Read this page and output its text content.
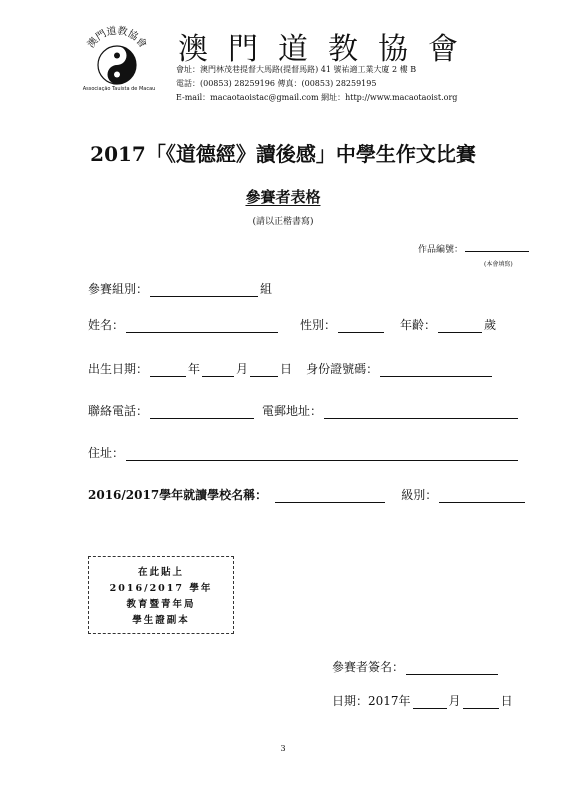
澳門道教協會
Associação Tauista de Macau
澳門道教協會
會址：澳門林茂巷提督大馬路(提督馬路) 41 號祐適工業大廈 2 樓 B
電話：(00853) 28259196 傳真：(00853) 28259195
E-mail：macaotaoistac@gmail.com 網址：http://www.macaotaoist.org
2017「《道德經》讀後感」中學生作文比賽
參賽者表格
(請以正楷書寫)
作品編號：
(本會填寫)
參賽組別：	組
姓名：	性別：	年齡：	歲
出生日期：	年	月	日 身份證號碼：
聯絡電話：	電郵地址：
住址：
2016/2017學年就讀學校名稱：	級別：
在此貼上
2016/2017 學年
教育暨青年局
學生證副本
參賽者簽名：
日期：2017年	月	日
3
